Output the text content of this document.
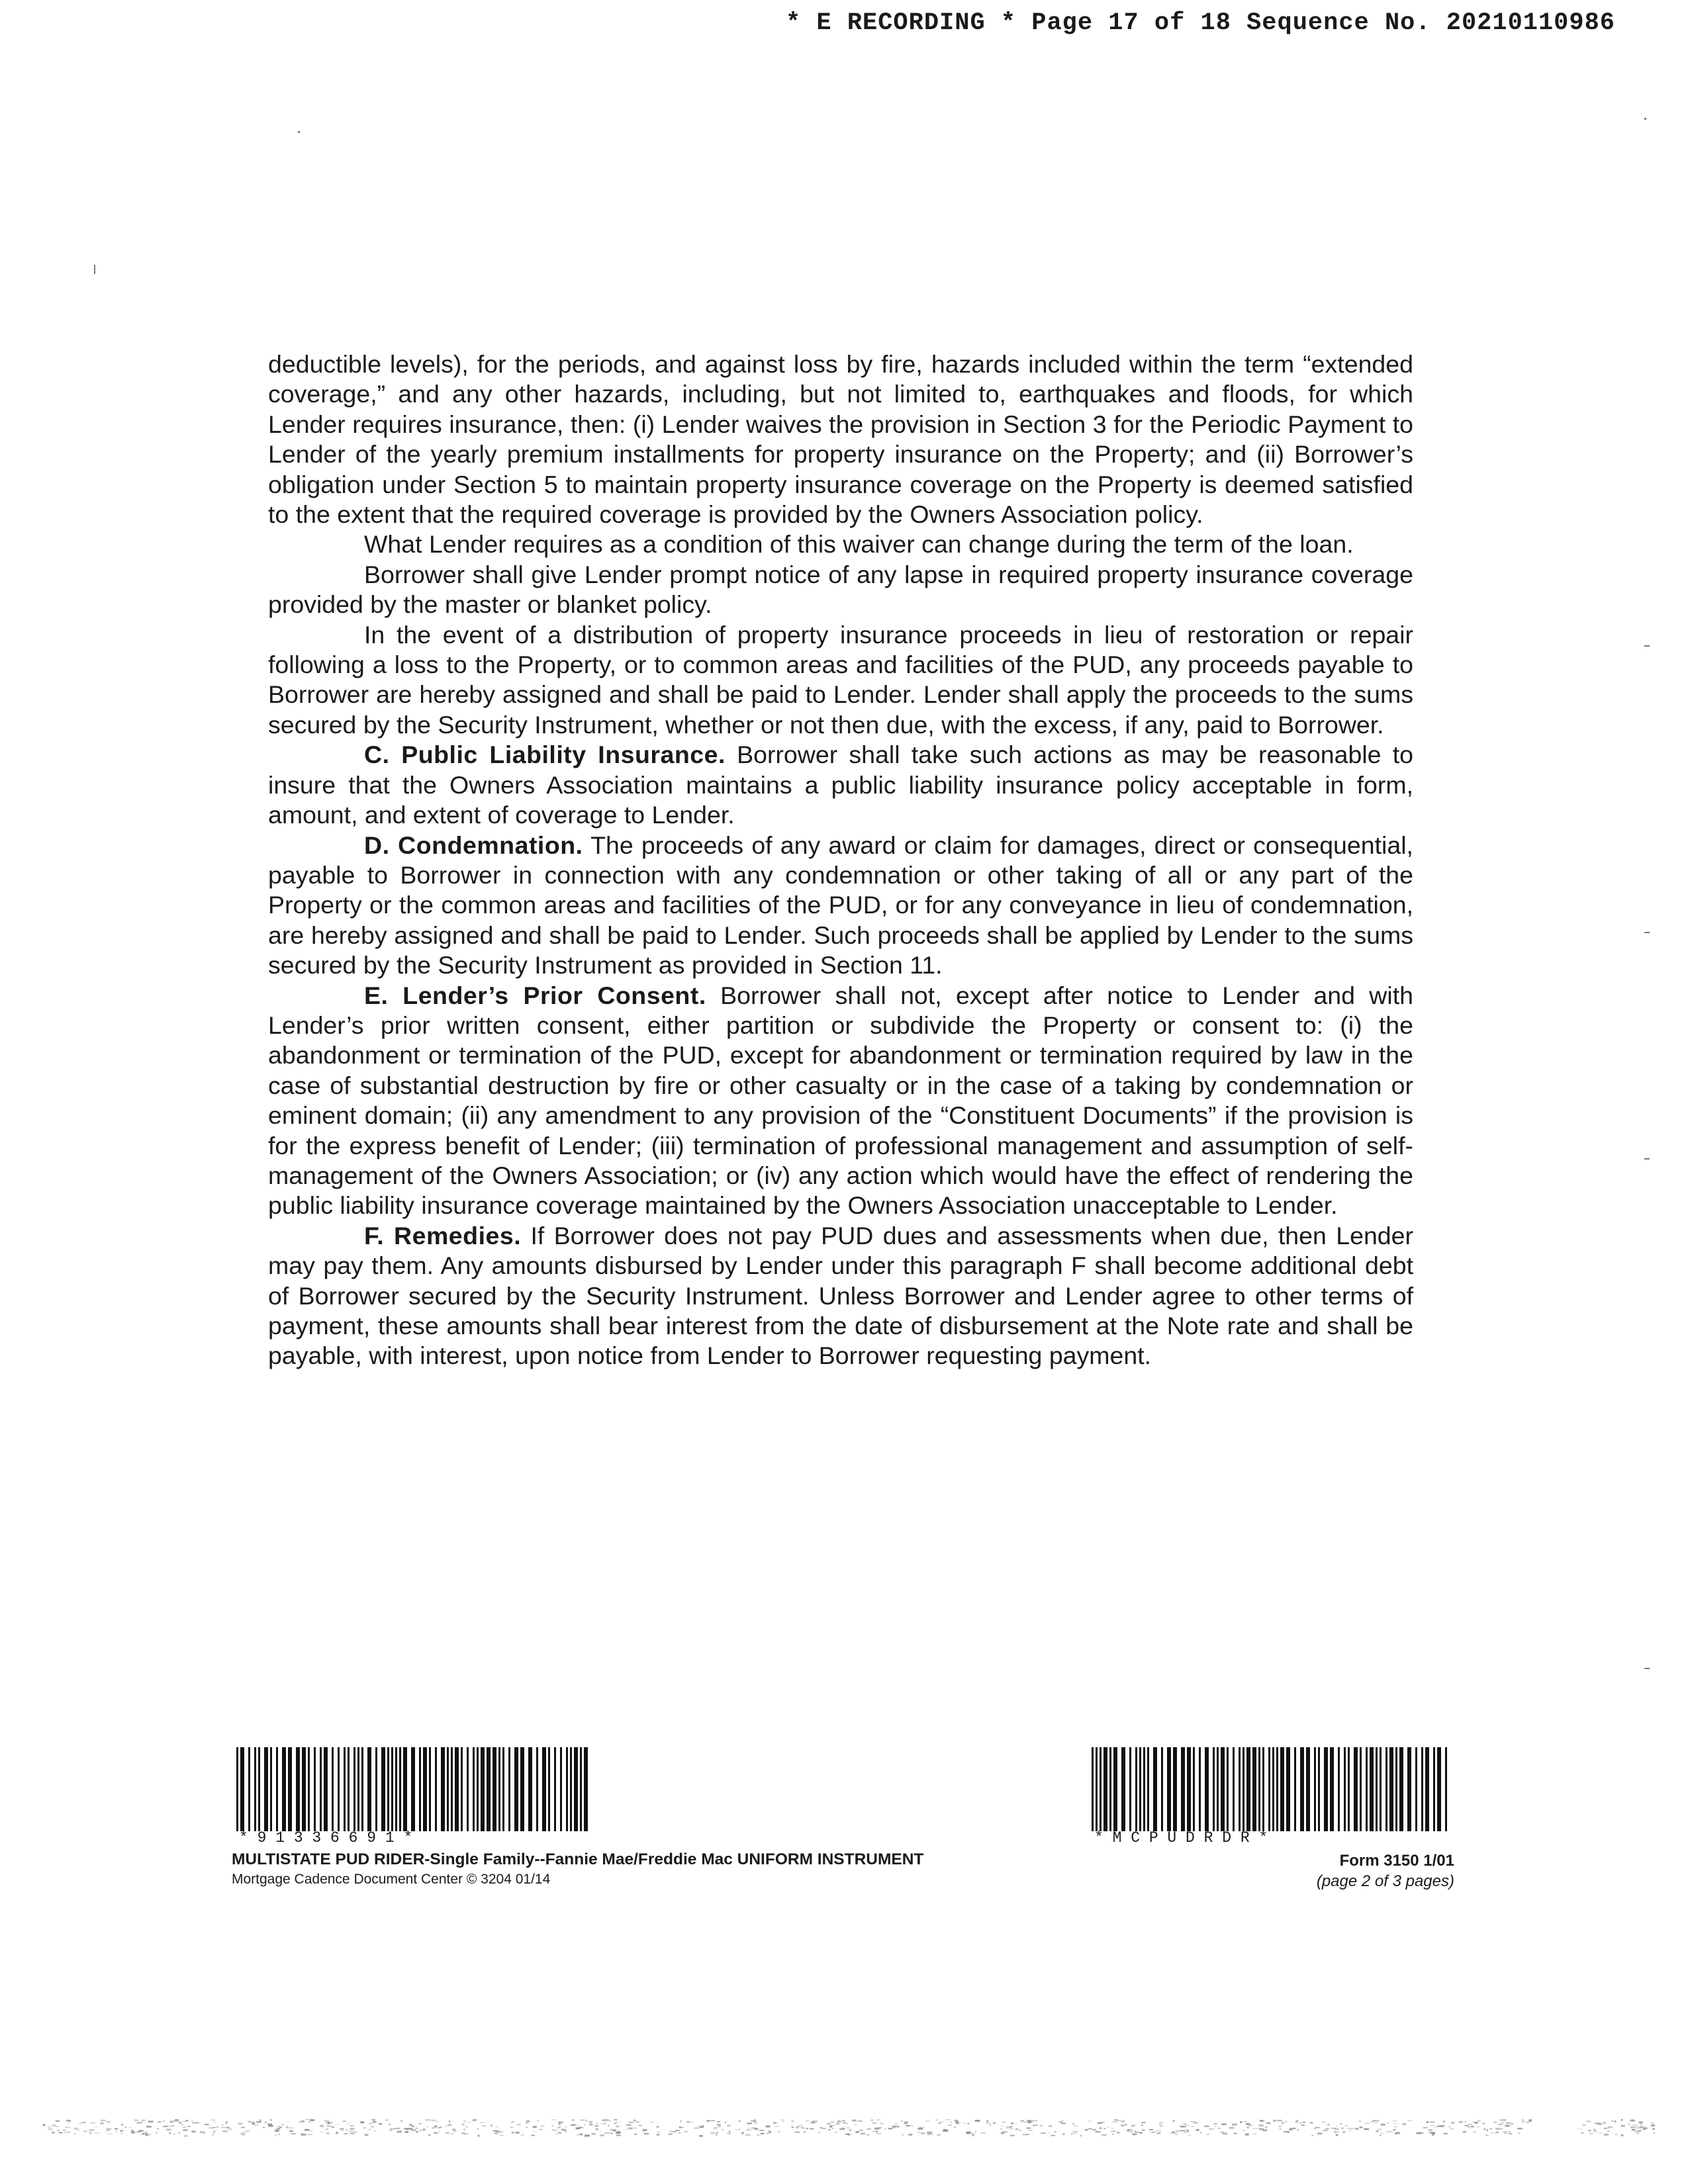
* E RECORDING * Page 17 of 18 Sequence No. 20210110986

deductible levels), for the periods, and against loss by fire, hazards included within the term “extended coverage,” and any other hazards, including, but not limited to, earthquakes and floods, for which Lender requires insurance, then: (i) Lender waives the provision in Section 3 for the Periodic Payment to Lender of the yearly premium installments for property insurance on the Property; and (ii) Borrower’s obligation under Section 5 to maintain property insurance coverage on the Property is deemed satisfied to the extent that the required coverage is provided by the Owners Association policy.

What Lender requires as a condition of this waiver can change during the term of the loan.

Borrower shall give Lender prompt notice of any lapse in required property insurance coverage provided by the master or blanket policy.

In the event of a distribution of property insurance proceeds in lieu of restoration or repair following a loss to the Property, or to common areas and facilities of the PUD, any proceeds payable to Borrower are hereby assigned and shall be paid to Lender. Lender shall apply the proceeds to the sums secured by the Security Instrument, whether or not then due, with the excess, if any, paid to Borrower.

C. Public Liability Insurance. Borrower shall take such actions as may be reasonable to insure that the Owners Association maintains a public liability insurance policy acceptable in form, amount, and extent of coverage to Lender.

D. Condemnation. The proceeds of any award or claim for damages, direct or consequential, payable to Borrower in connection with any condemnation or other taking of all or any part of the Property or the common areas and facilities of the PUD, or for any conveyance in lieu of condemnation, are hereby assigned and shall be paid to Lender. Such proceeds shall be applied by Lender to the sums secured by the Security Instrument as provided in Section 11.

E. Lender’s Prior Consent. Borrower shall not, except after notice to Lender and with Lender’s prior written consent, either partition or subdivide the Property or consent to: (i) the abandonment or termination of the PUD, except for abandonment or termination required by law in the case of substantial destruction by fire or other casualty or in the case of a taking by condemnation or eminent domain; (ii) any amendment to any provision of the “Constituent Documents” if the provision is for the express benefit of Lender; (iii) termination of professional management and assumption of self-management of the Owners Association; or (iv) any action which would have the effect of rendering the public liability insurance coverage maintained by the Owners Association unacceptable to Lender.

F. Remedies. If Borrower does not pay PUD dues and assessments when due, then Lender may pay them. Any amounts disbursed by Lender under this paragraph F shall become additional debt of Borrower secured by the Security Instrument. Unless Borrower and Lender agree to other terms of payment, these amounts shall bear interest from the date of disbursement at the Note rate and shall be payable, with interest, upon notice from Lender to Borrower requesting payment.

* 9 1 3 3 6 6 9 1 *	* M C P U D R D R *
MULTISTATE PUD RIDER-Single Family--Fannie Mae/Freddie Mac UNIFORM INSTRUMENT
Mortgage Cadence Document Center © 3204 01/14
Form 3150 1/01
(page 2 of 3 pages)
